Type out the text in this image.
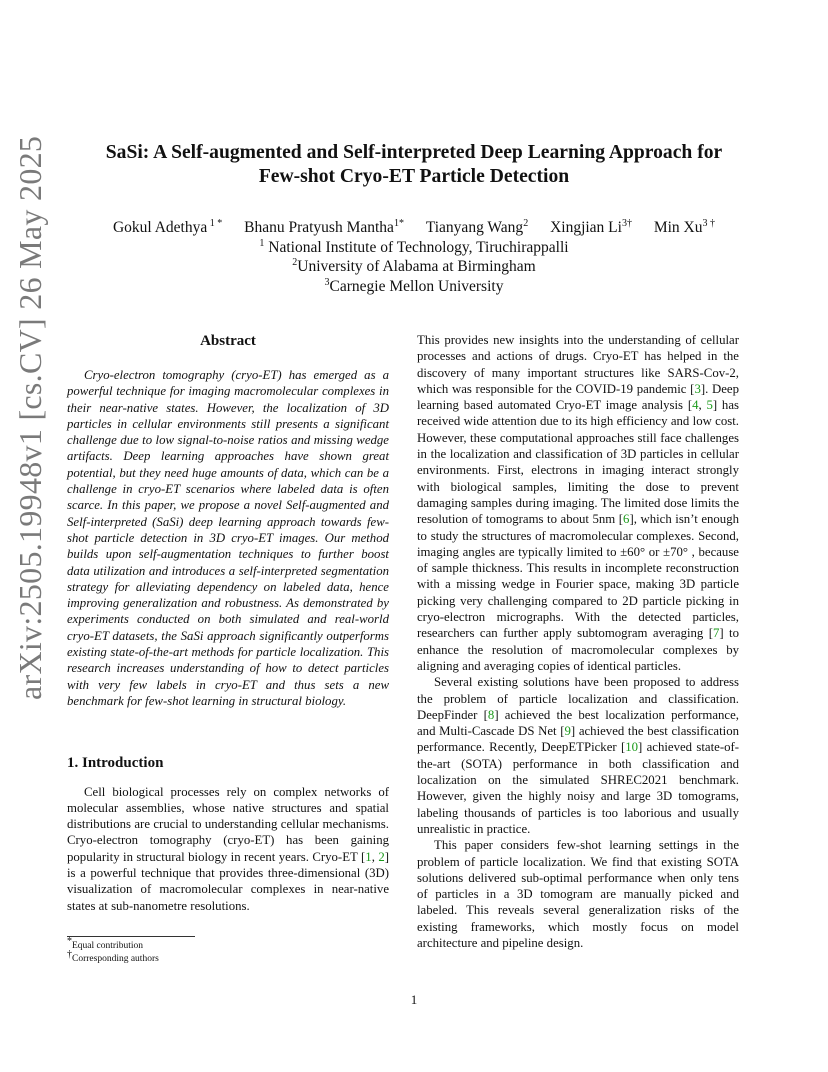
arXiv:2505.19948v1 [cs.CV] 26 May 2025	SaSi: A Self-augmented and Self-interpreted Deep Learning Approach for
Few-shot Cryo-ET Particle Detection
Gokul Adethya $^{1 *}$ Bhanu Pratyush Mantha$^{1*}$ Tianyang Wang$^2$ Xingjian $Li^{3\dagger}$ Min $Xu^{3 \dagger}$
$^1$ National Institute of Technology, Tiruchirappalli
$^2$University of Alabama at Birmingham
$^3$Carnegie Mellon University
Abstract

Cryo-electron tomography (cryo-ET) has emerged as a powerful technique for imaging macromolecular complexes in their near-native states. However, the localization of 3D particles in cellular environments still presents a significant challenge due to low signal-to-noise ratios and missing wedge artifacts. Deep learning approaches have shown great potential, but they need huge amounts of data, which can be a challenge in cryo-ET scenarios where labeled data is often scarce. In this paper, we propose a novel Self-augmented and Self-interpreted (SaSi) deep learning approach towards few-shot particle detection in 3D cryo-ET images. Our method builds upon self-augmentation techniques to further boost data utilization and introduces a self-interpreted segmentation strategy for alleviating dependency on labeled data, hence improving generalization and robustness. As demonstrated by experiments conducted on both simulated and real-world cryo-ET datasets, the SaSi approach significantly outperforms existing state-of-the-art methods for particle localization. This research increases understanding of how to detect particles with very few labels in cryo-ET and thus sets a new benchmark for few-shot learning in structural biology.

1. Introduction

Cell biological processes rely on complex networks of molecular assemblies, whose native structures and spatial distributions are crucial to understanding cellular mechanisms. Cryo-electron tomography (cryo-ET) has been gaining popularity in structural biology in recent years. Cryo-ET [1, 2] is a powerful technique that provides three-dimensional (3D) visualization of macromolecular complexes in near-native states at sub-nanometre resolutions.

This provides new insights into the understanding of cellular processes and actions of drugs. Cryo-ET has helped in the discovery of many important structures like SARS-Cov-2, which was responsible for the COVID-19 pandemic [3]. Deep learning based automated Cryo-ET image analysis [4, 5] has received wide attention due to its high efficiency and low cost. However, these computational approaches still face challenges in the localization and classification of 3D particles in cellular environments. First, electrons in imaging interact strongly with biological samples, limiting the dose to prevent damaging samples during imaging. The limited dose limits the resolution of tomograms to about 5nm [6], which isn’t enough to study the structures of macromolecular complexes. Second, imaging angles are typically limited to ±60° or ±70° , because of sample thickness. This results in incomplete reconstruction with a missing wedge in Fourier space, making 3D particle picking very challenging compared to 2D particle picking in cryo-electron micrographs. With the detected particles, researchers can further apply subtomogram averaging [7] to enhance the resolution of macromolecular complexes by aligning and averaging copies of identical particles.

Several existing solutions have been proposed to address the problem of particle localization and classification. DeepFinder [8] achieved the best localization performance, and Multi-Cascade DS Net [9] achieved the best classification performance. Recently, DeepETPicker [10] achieved state-of-the-art (SOTA) performance in both classification and localization on the simulated SHREC2021 benchmark. However, given the highly noisy and large 3D tomograms, labeling thousands of particles is too laborious and usually unrealistic in practice.

This paper considers few-shot learning settings in the problem of particle localization. We find that existing SOTA solutions delivered sub-optimal performance when only tens of particles in a 3D tomogram are manually picked and labeled. This reveals several generalization risks of the existing frameworks, which mostly focus on model architecture and pipeline design.

*Equal contribution
†Corresponding authors
1
